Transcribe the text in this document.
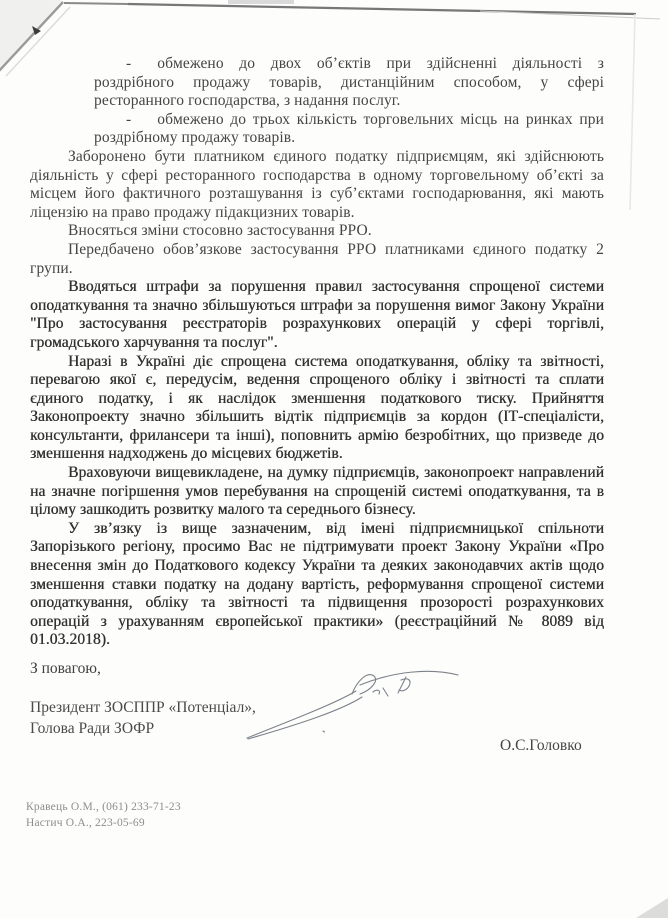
- обмежено до двох об’єктів при здійсненні діяльності з роздрібного продажу товарів, дистанційним способом, у сфері ресторанного господарства, з надання послуг.
- обмежено до трьох кількість торговельних місць на ринках при роздрібному продажу товарів.
Заборонено бути платником єдиного податку підприємцям, які здійснюють діяльність у сфері ресторанного господарства в одному торговельному об’єкті за місцем його фактичного розташування із суб’єктами господарювання, які мають ліцензію на право продажу підакцизних товарів.
Вносяться зміни стосовно застосування РРО.
Передбачено обов’язкове застосування РРО платниками єдиного податку 2 групи.
Вводяться штрафи за порушення правил застосування спрощеної системи оподаткування та значно збільшуються штрафи за порушення вимог Закону України "Про застосування реєстраторів розрахункових операцій у сфері торгівлі, громадського харчування та послуг".
Наразі в Україні діє спрощена система оподаткування, обліку та звітності, перевагою якої є, передусім, ведення спрощеного обліку і звітності та сплати єдиного податку, і як наслідок зменшення податкового тиску. Прийняття Законопроекту значно збільшить відтік підприємців за кордон (ІТ-спеціалісти, консультанти, фрилансери та інші), поповнить армію безробітних, що призведе до зменшення надходжень до місцевих бюджетів.
Враховуючи вищевикладене, на думку підприємців, законопроект направлений на значне погіршення умов перебування на спрощеній системі оподаткування, та в цілому зашкодить розвитку малого та середнього бізнесу.
У зв’язку із вище зазначеним, від імені підприємницької спільноти Запорізького регіону, просимо Вас не підтримувати проект Закону України «Про внесення змін до Податкового кодексу України та деяких законодавчих актів щодо зменшення ставки податку на додану вартість, реформування спрощеної системи оподаткування, обліку та звітності та підвищення прозорості розрахункових операцій з урахуванням європейської практики» (реєстраційний № 8089 від 01.03.2018).
З повагою,
Президент ЗОСППР «Потенціал»,
Голова Ради ЗОФР
О.С.Головко
Кравець О.М., (061) 233-71-23
Настич О.А., 223-05-69
